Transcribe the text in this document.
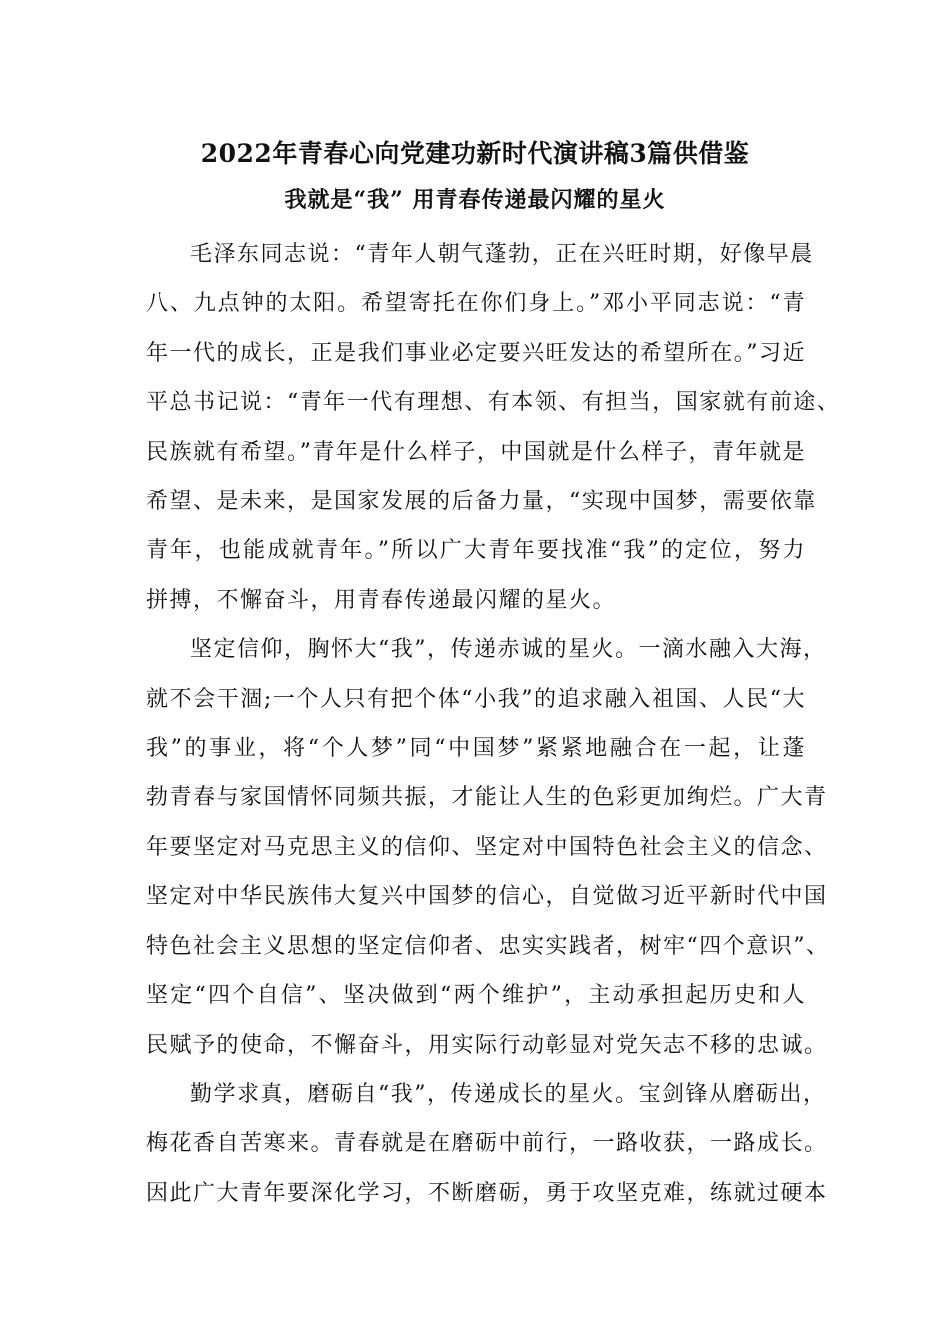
2022年青春心向党建功新时代演讲稿3篇供借鉴
我就是“我” 用青春传递最闪耀的星火

毛泽东同志说：“青年人朝气蓬勃，正在兴旺时期，好像早晨
八、九点钟的太阳。希望寄托在你们身上。”邓小平同志说：“青
年一代的成长，正是我们事业必定要兴旺发达的希望所在。”习近
平总书记说：“青年一代有理想、有本领、有担当，国家就有前途、
民族就有希望。”青年是什么样子，中国就是什么样子，青年就是
希望、是未来，是国家发展的后备力量，“实现中国梦，需要依靠
青年，也能成就青年。”所以广大青年要找准“我”的定位，努力
拼搏，不懈奋斗，用青春传递最闪耀的星火。

坚定信仰，胸怀大“我”，传递赤诚的星火。一滴水融入大海，
就不会干涸;一个人只有把个体“小我”的追求融入祖国、人民“大
我”的事业，将“个人梦”同“中国梦”紧紧地融合在一起，让蓬
勃青春与家国情怀同频共振，才能让人生的色彩更加绚烂。广大青
年要坚定对马克思主义的信仰、坚定对中国特色社会主义的信念、
坚定对中华民族伟大复兴中国梦的信心，自觉做习近平新时代中国
特色社会主义思想的坚定信仰者、忠实实践者，树牢“四个意识”、
坚定“四个自信”、坚决做到“两个维护”，主动承担起历史和人
民赋予的使命，不懈奋斗，用实际行动彰显对党矢志不移的忠诚。

勤学求真，磨砺自“我”，传递成长的星火。宝剑锋从磨砺出，
梅花香自苦寒来。青春就是在磨砺中前行，一路收获，一路成长。
因此广大青年要深化学习，不断磨砺，勇于攻坚克难，练就过硬本
